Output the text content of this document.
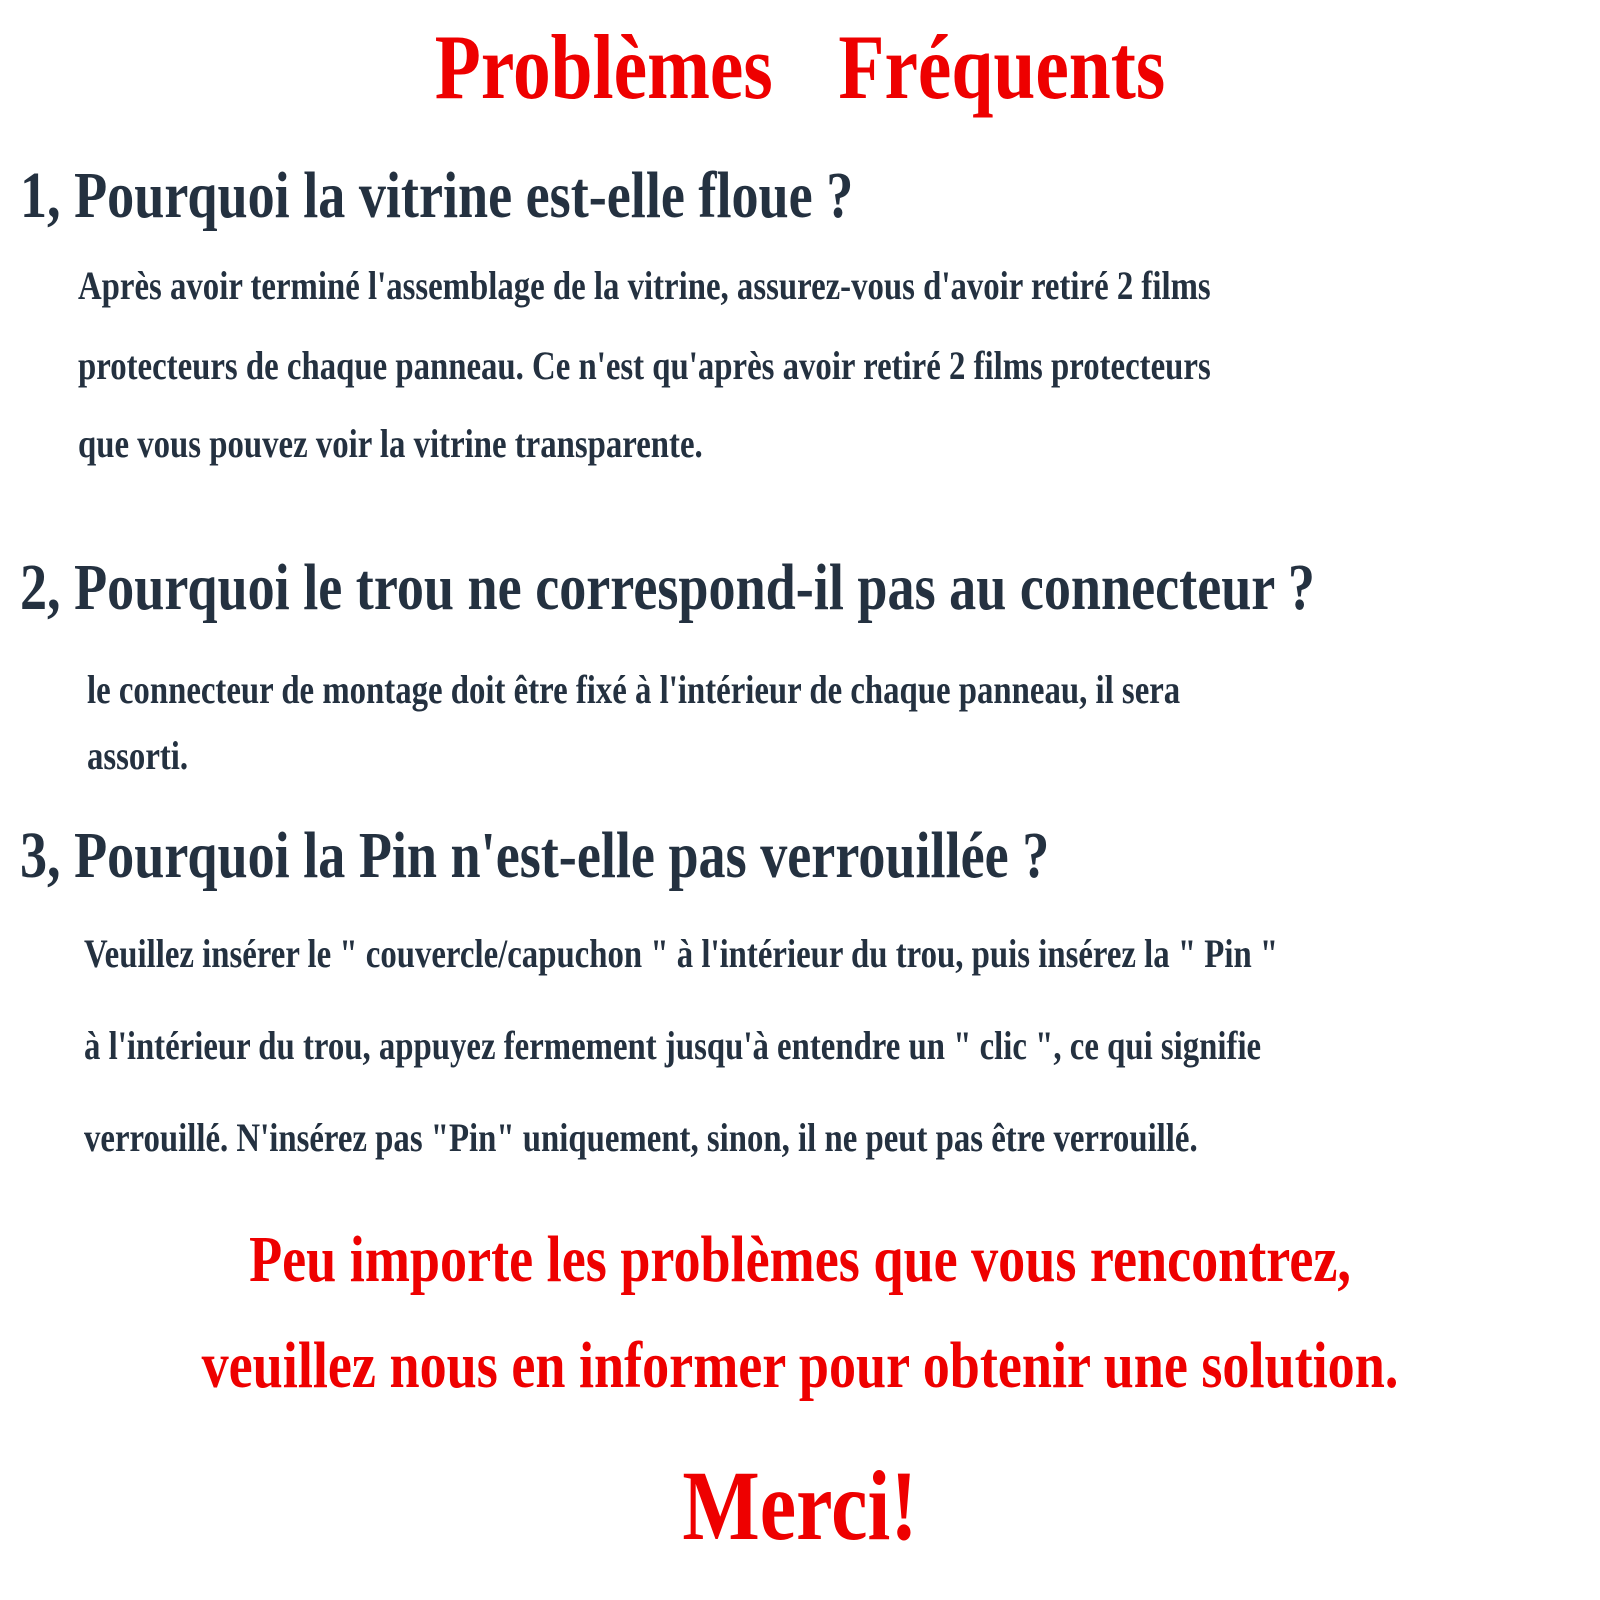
Problèmes Fréquents
1, Pourquoi la vitrine est-elle floue ?
Après avoir terminé l'assemblage de la vitrine, assurez-vous d'avoir retiré 2 films
protecteurs de chaque panneau. Ce n'est qu'après avoir retiré 2 films protecteurs
que vous pouvez voir la vitrine transparente.
2, Pourquoi le trou ne correspond-il pas au connecteur ?
le connecteur de montage doit être fixé à l'intérieur de chaque panneau, il sera
assorti.
3, Pourquoi la Pin n'est-elle pas verrouillée ?
Veuillez insérer le " couvercle/capuchon " à l'intérieur du trou, puis insérez la " Pin "
à l'intérieur du trou, appuyez fermement jusqu'à entendre un " clic ", ce qui signifie
verrouillé. N'insérez pas "Pin" uniquement, sinon, il ne peut pas être verrouillé.
Peu importe les problèmes que vous rencontrez,
veuillez nous en informer pour obtenir une solution.
Merci!
